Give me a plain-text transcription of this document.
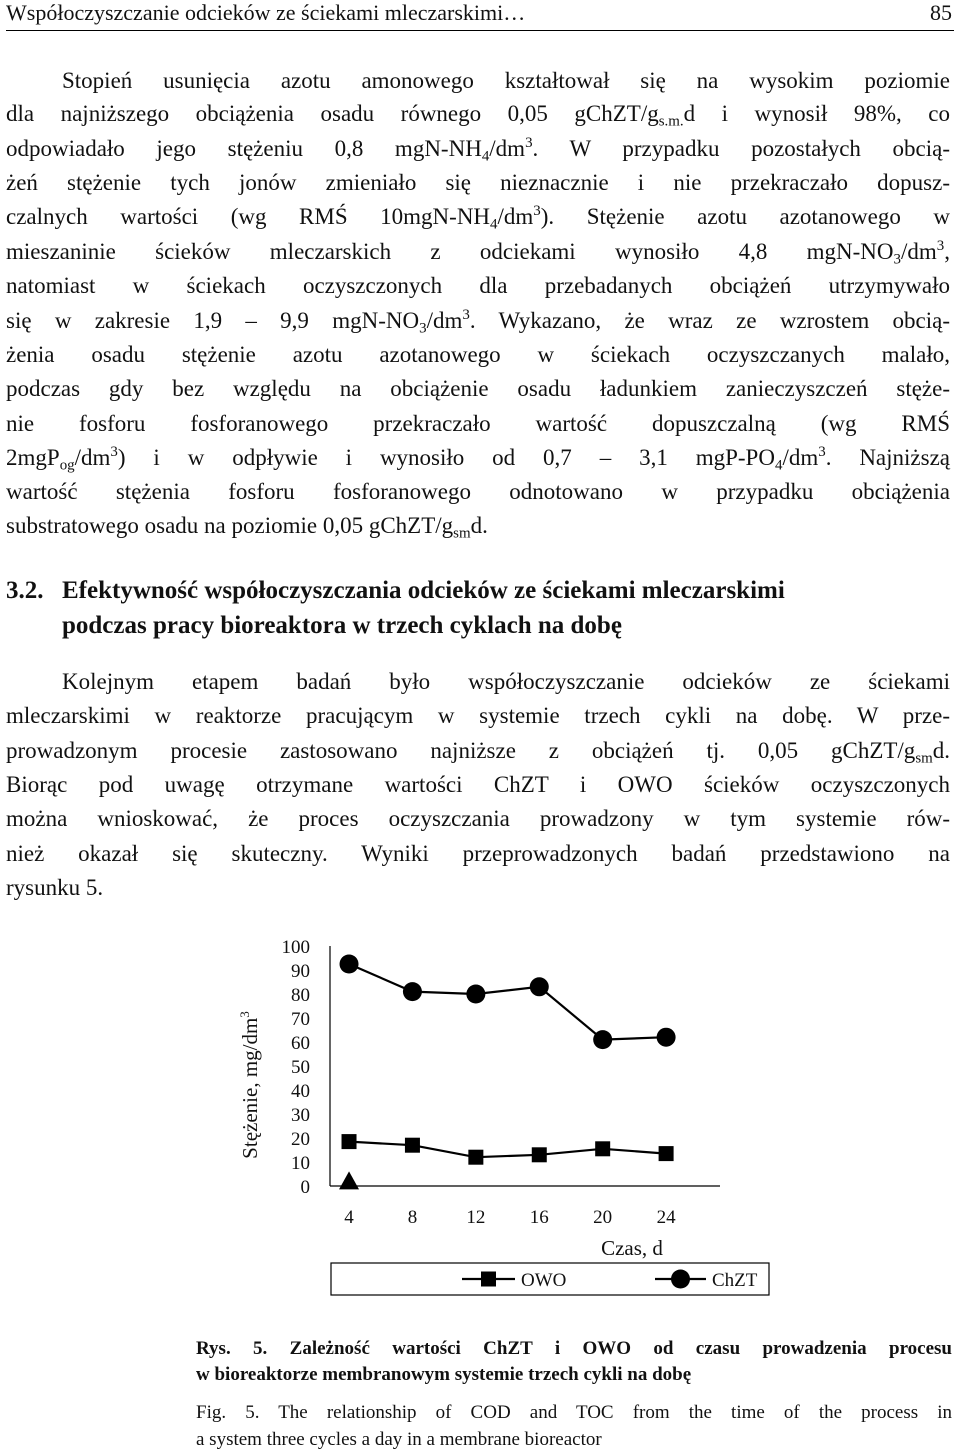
Współoczyszczanie odcieków ze ściekami mleczarskimi…	85
Stopień usunięcia azotu amonowego kształtował się na wysokim poziomie
dla najniższego obciążenia osadu równego 0,05 gChZT/$g_{s.m.}d$ i wynosił 98%, co
odpowiadało jego stężeniu 0,8 mgN-$NH_4/dm^3$. W przypadku pozostałych obcią-
żeń stężenie tych jonów zmieniało się nieznacznie i nie przekraczało dopusz-
czalnych wartości (wg RMŚ $10mgN-NH_4/dm^3$). Stężenie azotu azotanowego w
mieszaninie ścieków mleczarskich z odciekami wynosiło 4,8 mgN-$NO_3/dm^3$,
natomiast w ściekach oczyszczonych dla przebadanych obciążeń utrzymywało
się w zakresie 1,9 – 9,9 mgN-$NO_3/dm^3$. Wykazano, że wraz ze wzrostem obcią-
żenia osadu stężenie azotu azotanowego w ściekach oczyszczanych malało,
podczas gdy bez względu na obciążenie osadu ładunkiem zanieczyszczeń stęże-
nie fosforu fosforanowego przekraczało wartość dopuszczalną (wg RMŚ
$2mgP_{og}/dm^3$) i w odpływie i wynosiło od 0,7 – 3,1 mgP-$PO_4/dm^3$. Najniższą
wartość stężenia fosforu fosforanowego odnotowano w przypadku obciążenia
substratowego osadu na poziomie 0,05 gChZT/$g_{sm}d$.
3.2. Efektywność współoczyszczania odcieków ze ściekami mleczarskimi
podczas pracy bioreaktora w trzech cyklach na dobę
Kolejnym etapem badań było współoczyszczanie odcieków ze ściekami
mleczarskimi w reaktorze pracującym w systemie trzech cykli na dobę. W prze-
prowadzonym procesie zastosowano najniższe z obciążeń tj. 0,05 gChZT/$g_{sm}d$.
Biorąc pod uwagę otrzymane wartości ChZT i OWO ścieków oczyszczonych
można wnioskować, że proces oczyszczania prowadzony w tym systemie rów-
nież okazał się skuteczny. Wyniki przeprowadzonych badań przedstawiono na
rysunku 5.
0
10
20
30
40
50
60
70
80
90
100
4	8	12 16 20 24
Stężenie, $mg/dm^3$
Czas, d
OWO	ChZT
Rys. 5. Zależność wartości ChZT i OWO od czasu prowadzenia procesu
w bioreaktorze membranowym systemie trzech cykli na dobę
Fig. 5. The relationship of COD and TOC from the time of the process in
a system three cycles a day in a membrane bioreactor
